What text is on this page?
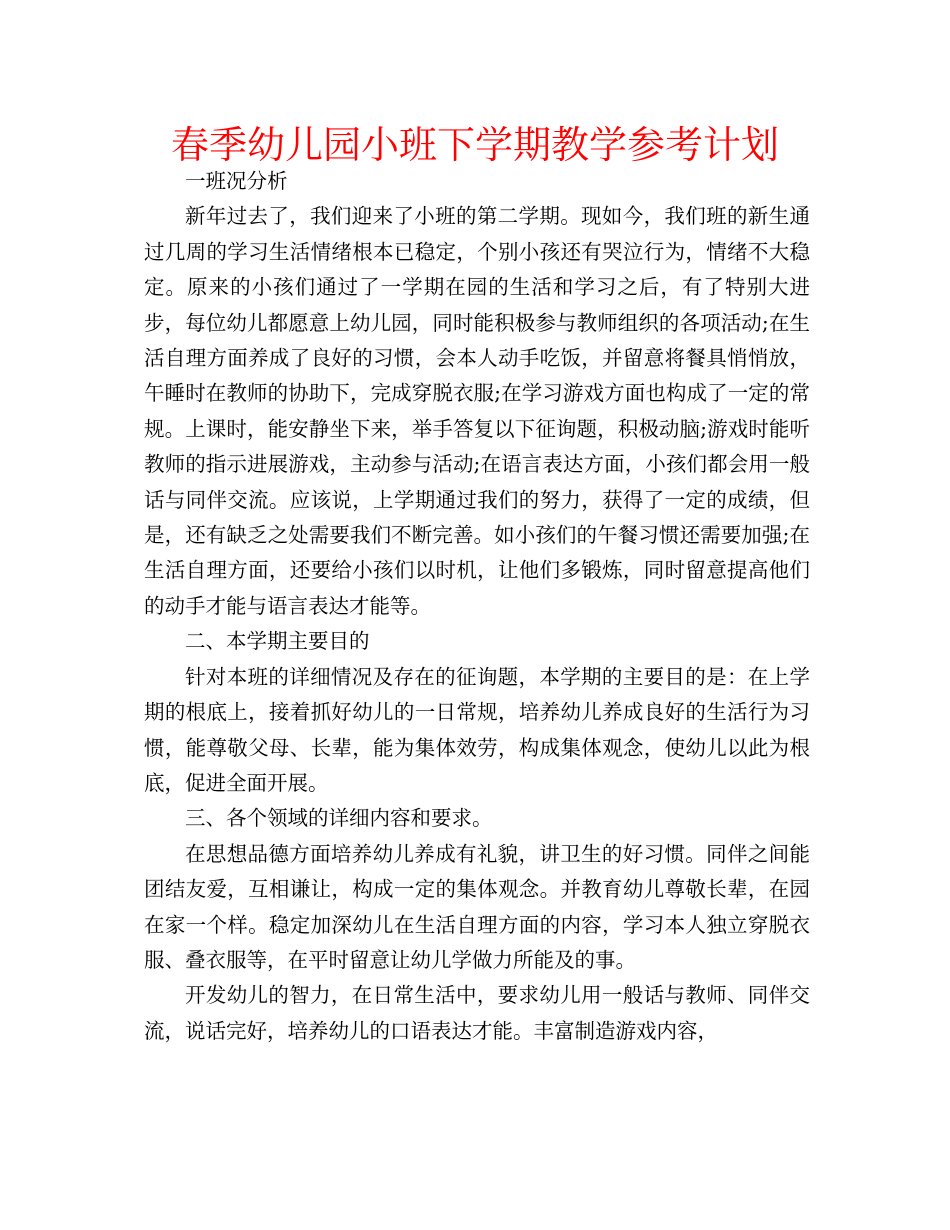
春季幼儿园小班下学期教学参考计划

一班况分析

新年过去了，我们迎来了小班的第二学期。现如今，我们班的新生通过几周的学习生活情绪根本已稳定，个别小孩还有哭泣行为，情绪不大稳定。原来的小孩们通过了一学期在园的生活和学习之后，有了特别大进步，每位幼儿都愿意上幼儿园，同时能积极参与教师组织的各项活动;在生活自理方面养成了良好的习惯，会本人动手吃饭，并留意将餐具悄悄放，午睡时在教师的协助下，完成穿脱衣服;在学习游戏方面也构成了一定的常规。上课时，能安静坐下来，举手答复以下征询题，积极动脑;游戏时能听教师的指示进展游戏，主动参与活动;在语言表达方面，小孩们都会用一般话与同伴交流。应该说，上学期通过我们的努力，获得了一定的成绩，但是，还有缺乏之处需要我们不断完善。如小孩们的午餐习惯还需要加强;在生活自理方面，还要给小孩们以时机，让他们多锻炼，同时留意提高他们的动手才能与语言表达才能等。

二、本学期主要目的

针对本班的详细情况及存在的征询题，本学期的主要目的是：在上学期的根底上，接着抓好幼儿的一日常规，培养幼儿养成良好的生活行为习惯，能尊敬父母、长辈，能为集体效劳，构成集体观念，使幼儿以此为根底，促进全面开展。

三、各个领域的详细内容和要求。

在思想品德方面培养幼儿养成有礼貌，讲卫生的好习惯。同伴之间能团结友爱，互相谦让，构成一定的集体观念。并教育幼儿尊敬长辈，在园在家一个样。稳定加深幼儿在生活自理方面的内容，学习本人独立穿脱衣服、叠衣服等，在平时留意让幼儿学做力所能及的事。

开发幼儿的智力，在日常生活中，要求幼儿用一般话与教师、同伴交流，说话完好，培养幼儿的口语表达才能。丰富制造游戏内容，
